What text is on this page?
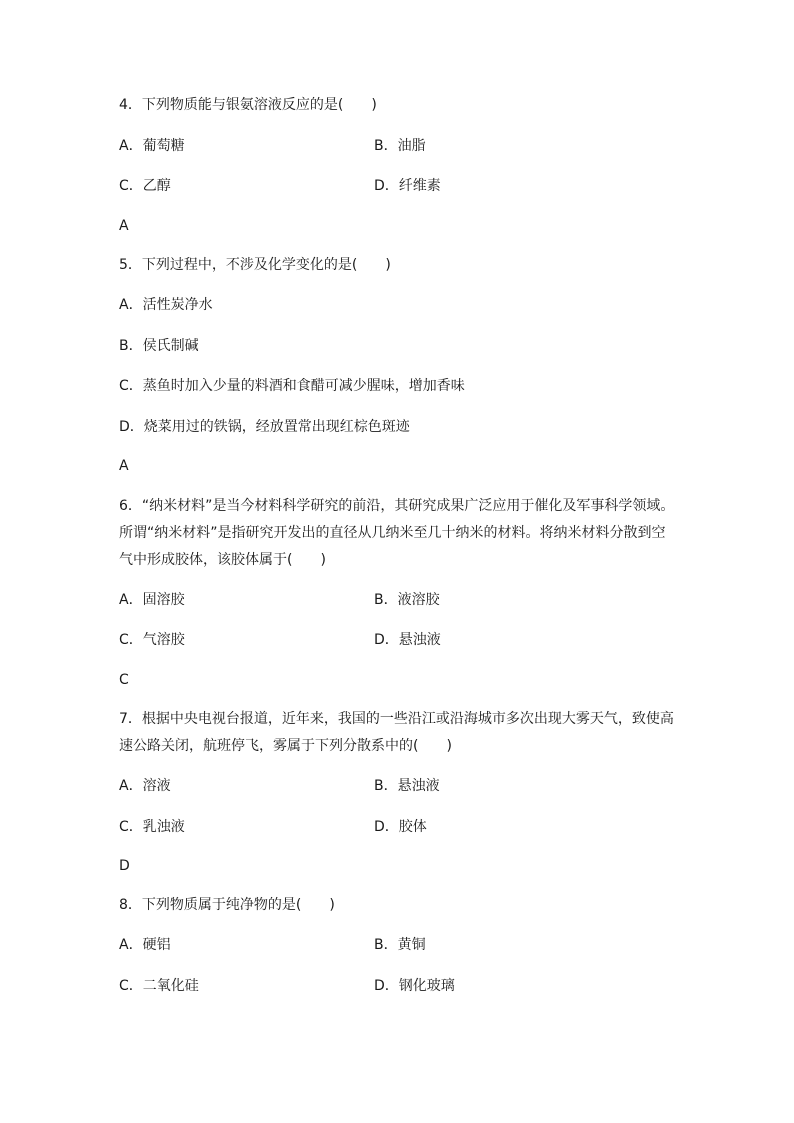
4．下列物质能与银氨溶液反应的是(　　)
A．葡萄糖	B．油脂
C．乙醇	D．纤维素
A
5．下列过程中，不涉及化学变化的是(　　)
A．活性炭净水
B．侯氏制碱
C．蒸鱼时加入少量的料酒和食醋可减少腥味，增加香味
D．烧菜用过的铁锅，经放置常出现红棕色斑迹
A
6．“纳米材料”是当今材料科学研究的前沿，其研究成果广泛应用于催化及军事科学领域。
所谓“纳米材料”是指研究开发出的直径从几纳米至几十纳米的材料。将纳米材料分散到空
气中形成胶体，该胶体属于(　　)
A．固溶胶	B．液溶胶
C．气溶胶	D．悬浊液
C
7．根据中央电视台报道，近年来，我国的一些沿江或沿海城市多次出现大雾天气，致使高
速公路关闭，航班停飞，雾属于下列分散系中的(　　)
A．溶液	B．悬浊液
C．乳浊液	D．胶体
D
8．下列物质属于纯净物的是(　　)
A．硬铝	B．黄铜
C．二氧化硅	D．钢化玻璃
